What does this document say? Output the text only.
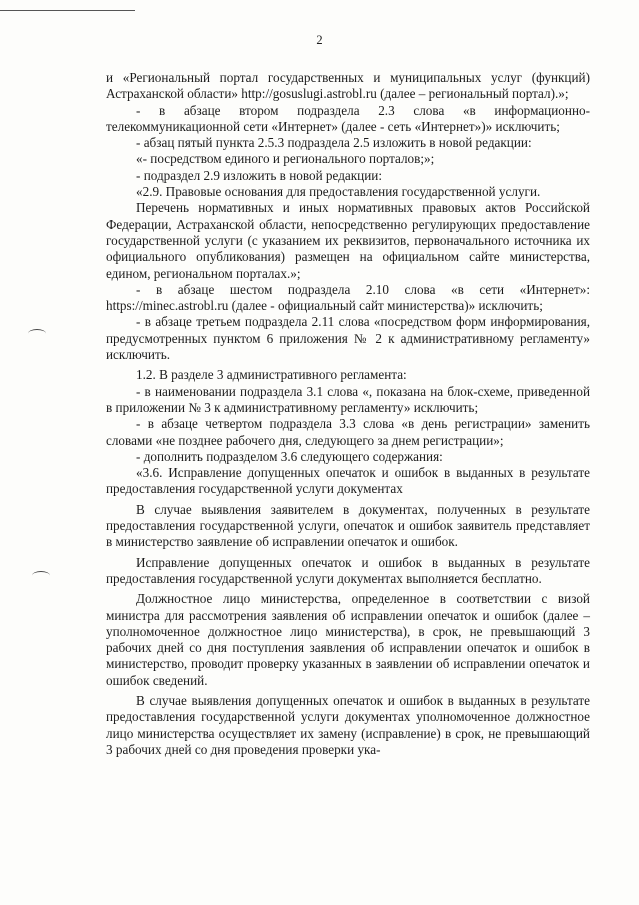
2

и «Региональный портал государственных и муниципальных услуг (функций) Астраханской области» http://gosuslugi.astrobl.ru (далее – региональный портал).»;

- в абзаце втором подраздела 2.3 слова «в информационно-телекоммуникационной сети «Интернет» (далее - сеть «Интернет»)» исключить;

- абзац пятый пункта 2.5.3 подраздела 2.5 изложить в новой редакции:

«- посредством единого и регионального порталов;»;

- подраздел 2.9 изложить в новой редакции:

«2.9. Правовые основания для предоставления государственной услуги.

Перечень нормативных и иных нормативных правовых актов Российской Федерации, Астраханской области, непосредственно регулирующих предоставление государственной услуги (с указанием их реквизитов, первоначального источника их официального опубликования) размещен на официальном сайте министерства, едином, региональном порталах.»;

- в абзаце шестом подраздела 2.10 слова «в сети «Интернет»: https://minec.astrobl.ru (далее - официальный сайт министерства)» исключить;

- в абзаце третьем подраздела 2.11 слова «посредством форм информирования, предусмотренных пунктом 6 приложения № 2 к административному регламенту» исключить.

1.2. В разделе 3 административного регламента:

- в наименовании подраздела 3.1 слова «, показана на блок-схеме, приведенной в приложении № 3 к административному регламенту» исключить;

- в абзаце четвертом подраздела 3.3 слова «в день регистрации» заменить словами «не позднее рабочего дня, следующего за днем регистрации»;

- дополнить подразделом 3.6 следующего содержания:

«3.6. Исправление допущенных опечаток и ошибок в выданных в результате предоставления государственной услуги документах

В случае выявления заявителем в документах, полученных в результате предоставления государственной услуги, опечаток и ошибок заявитель представляет в министерство заявление об исправлении опечаток и ошибок.

Исправление допущенных опечаток и ошибок в выданных в результате предоставления государственной услуги документах выполняется бесплатно.

Должностное лицо министерства, определенное в соответствии с визой министра для рассмотрения заявления об исправлении опечаток и ошибок (далее – уполномоченное должностное лицо министерства), в срок, не превышающий 3 рабочих дней со дня поступления заявления об исправлении опечаток и ошибок в министерство, проводит проверку указанных в заявлении об исправлении опечаток и ошибок сведений.

В случае выявления допущенных опечаток и ошибок в выданных в результате предоставления государственной услуги документах уполномоченное должностное лицо министерства осуществляет их замену (исправление) в срок, не превышающий 3 рабочих дней со дня проведения проверки ука-
